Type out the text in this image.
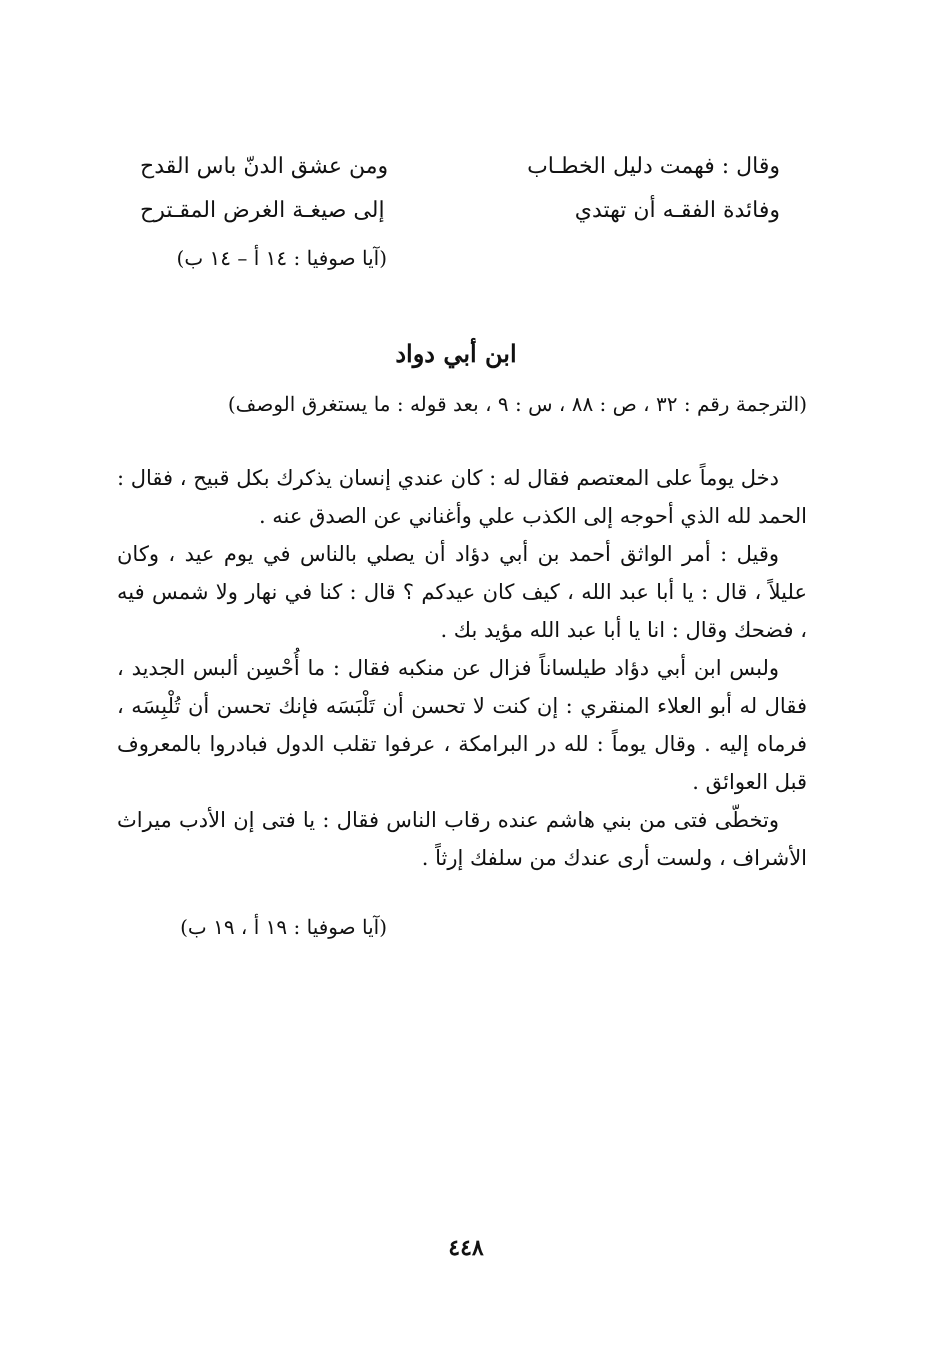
وقال : فهمت دليل الخطـاب
ومن عشق الدنّ باس القدح
وفائدة الفقـه أن تهتدي
إلى صيغـة الغرض المقـترح
(آيا صوفيا : ١٤ أ – ١٤ ب)
ابن أبي دواد
(الترجمة رقم : ٣٢ ، ص : ٨٨ ، س : ٩ ، بعد قوله : ما يستغرق الوصف)

دخل يوماً على المعتصم فقال له : كان عندي إنسان يذكرك بكل قبيح ، فقال : الحمد لله الذي أحوجه إلى الكذب علي وأغناني عن الصدق عنه .

وقيل : أمر الواثق أحمد بن أبي دؤاد أن يصلي بالناس في يوم عيد ، وكان عليلاً ، قال : يا أبا عبد الله ، كيف كان عيدكم ؟ قال : كنا في نهار ولا شمس فيه ، فضحك وقال : انا يا أبا عبد الله مؤيد بك .

ولبس ابن أبي دؤاد طيلساناً فزال عن منكبه فقال : ما أُحْسِن ألبس الجديد ، فقال له أبو العلاء المنقري : إن كنت لا تحسن أن تَلْبَسَه فإنك تحسن أن تُلْبِسَه ، فرماه إليه . وقال يوماً : لله در البرامكة ، عرفوا تقلب الدول فبادروا بالمعروف قبل العوائق .

وتخطّى فتى من بني هاشم عنده رقاب الناس فقال : يا فتى إن الأدب ميراث الأشراف ، ولست أرى عندك من سلفك إرثاً .

(آيا صوفيا : ١٩ أ ، ١٩ ب)
٤٤٨
